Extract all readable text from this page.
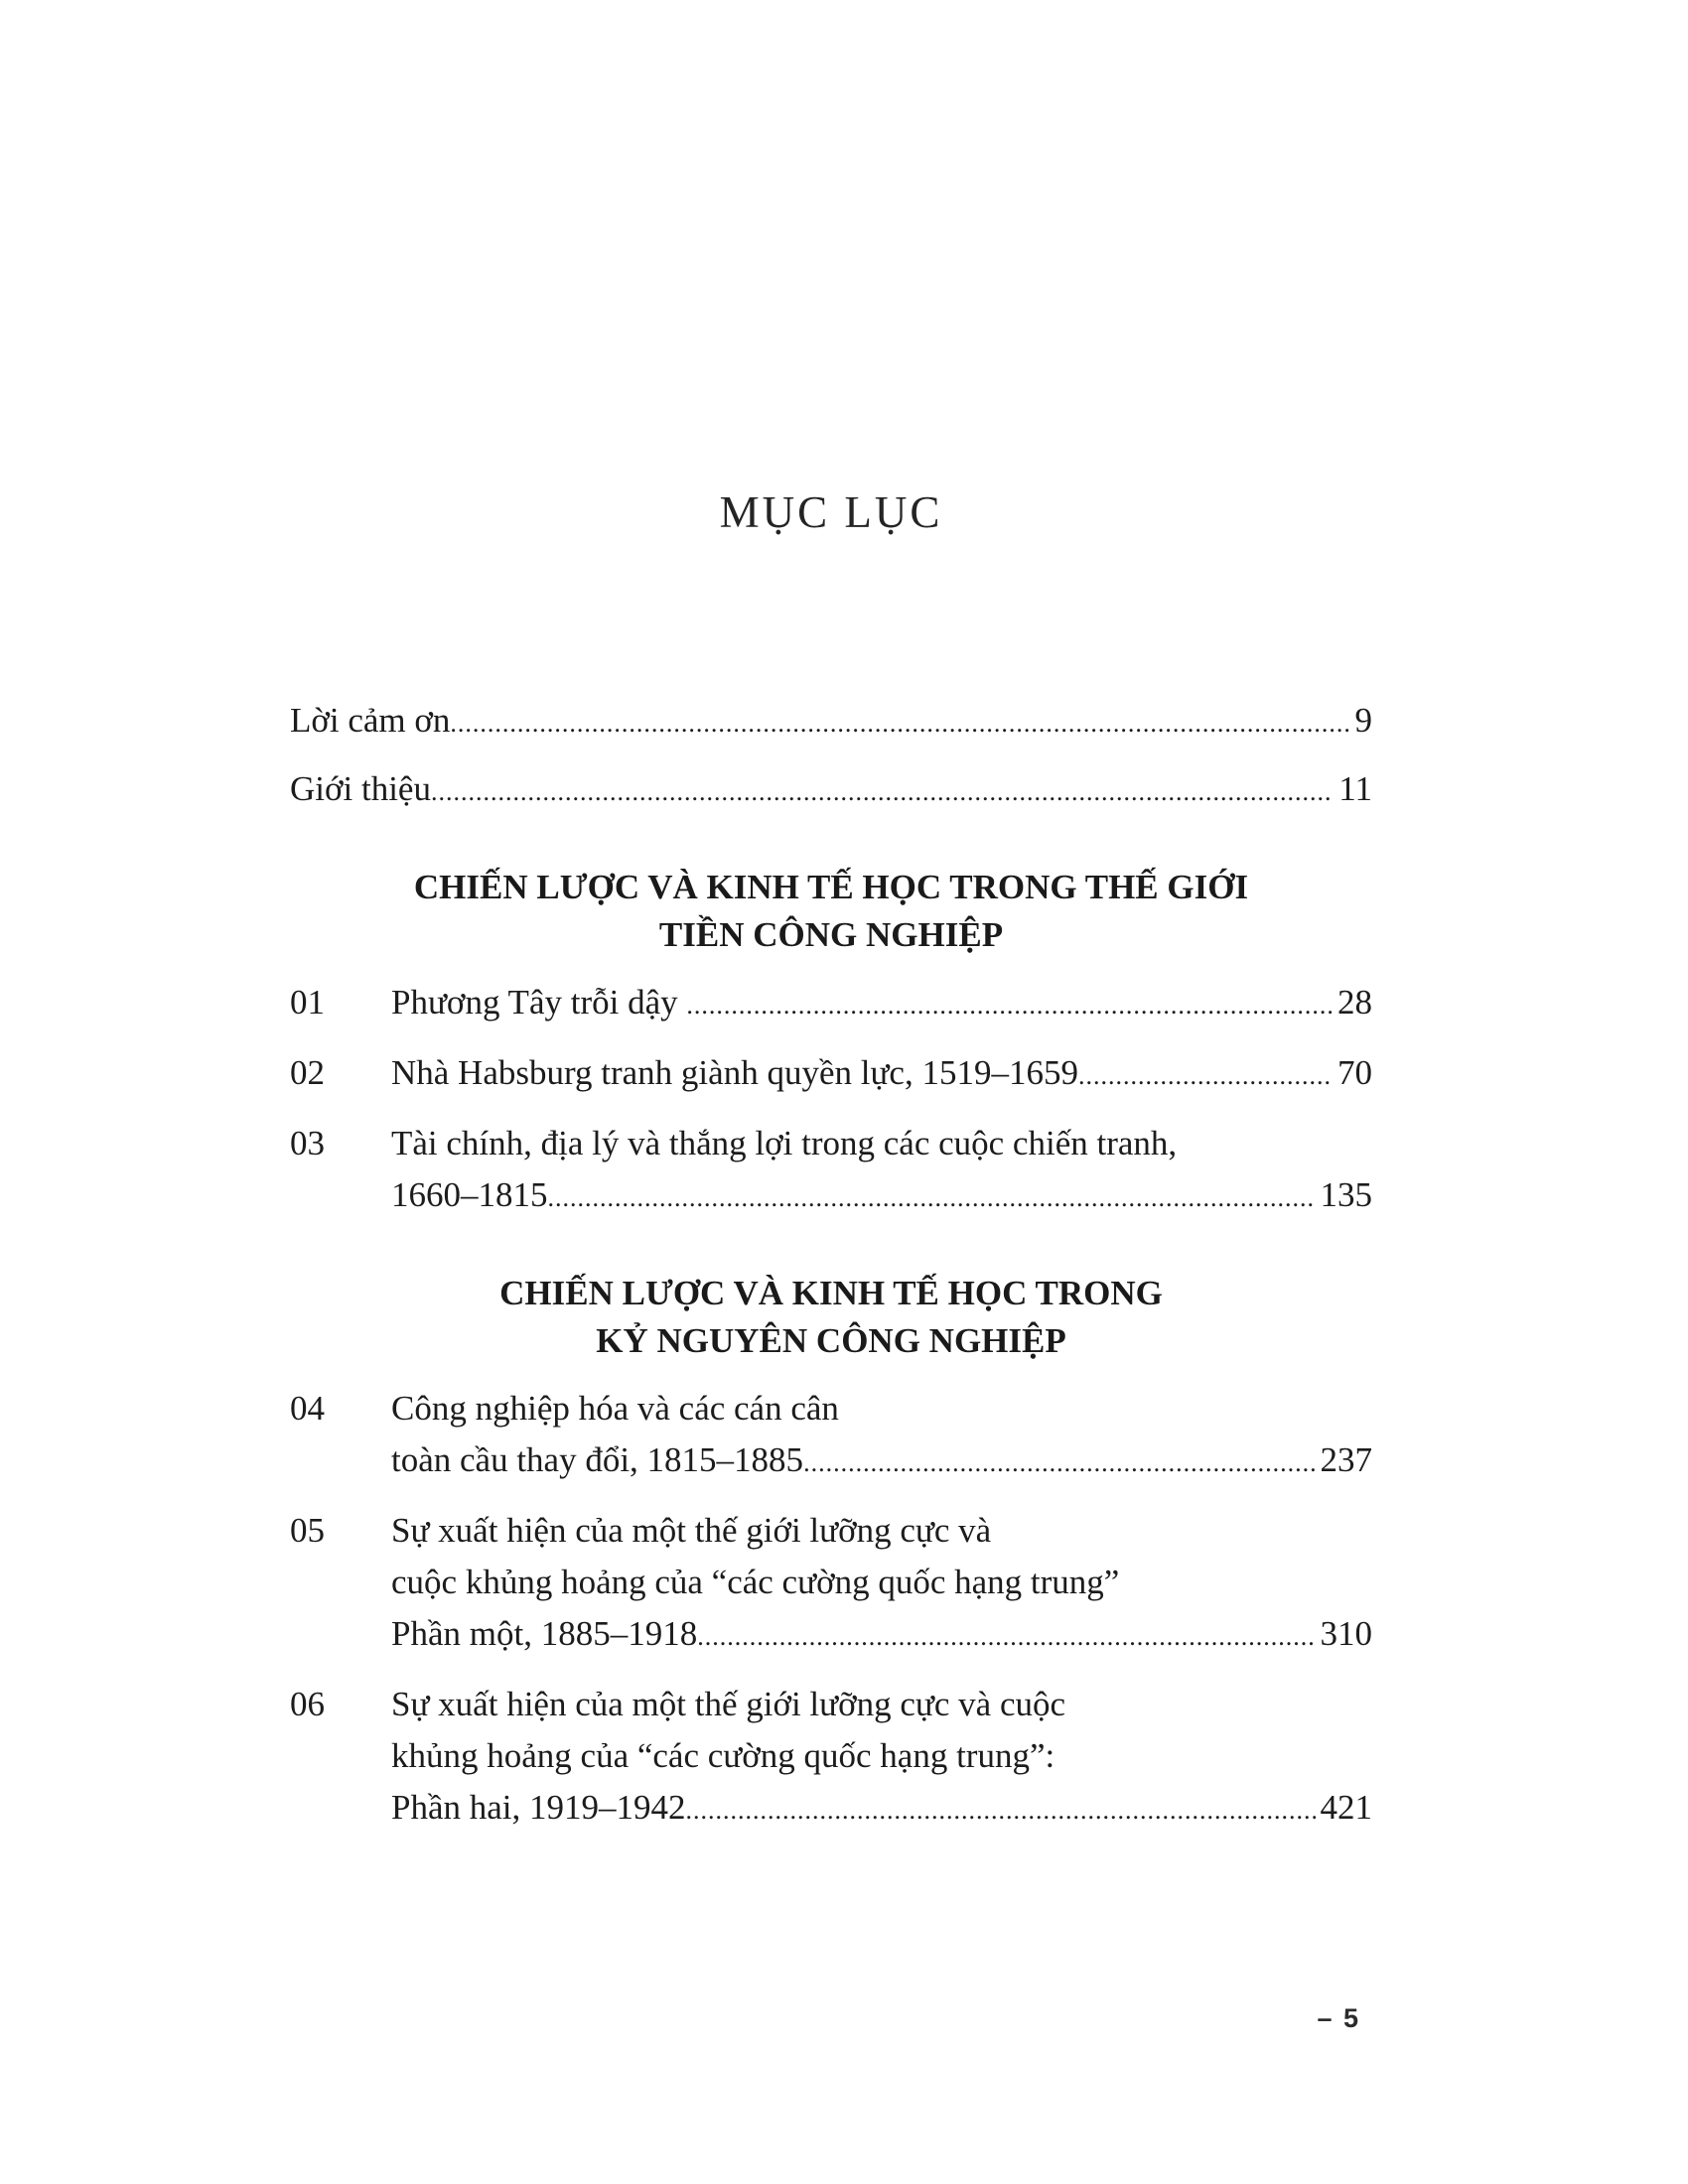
MỤC LỤC
Lời cảm ơn .....	9
Giới thiệu .....	11
CHIẾN LƯỢC VÀ KINH TẾ HỌC TRONG THẾ GIỚI
TIỀN CÔNG NGHIỆP
01	Phương Tây trỗi dậy .....	28
02	Nhà Habsburg tranh giành quyền lực, 1519–1659 .....	70
03	Tài chính, địa lý và thắng lợi trong các cuộc chiến tranh,
1660–1815 .....	135
CHIẾN LƯỢC VÀ KINH TẾ HỌC TRONG
KỶ NGUYÊN CÔNG NGHIỆP
04	Công nghiệp hóa và các cán cân
toàn cầu thay đổi, 1815–1885 .....	237
05	Sự xuất hiện của một thế giới lưỡng cực và
cuộc khủng hoảng của “các cường quốc hạng trung”
Phần một, 1885–1918 .....	310
06	Sự xuất hiện của một thế giới lưỡng cực và cuộc
khủng hoảng của “các cường quốc hạng trung”:
Phần hai, 1919–1942 .....	421
– 5
